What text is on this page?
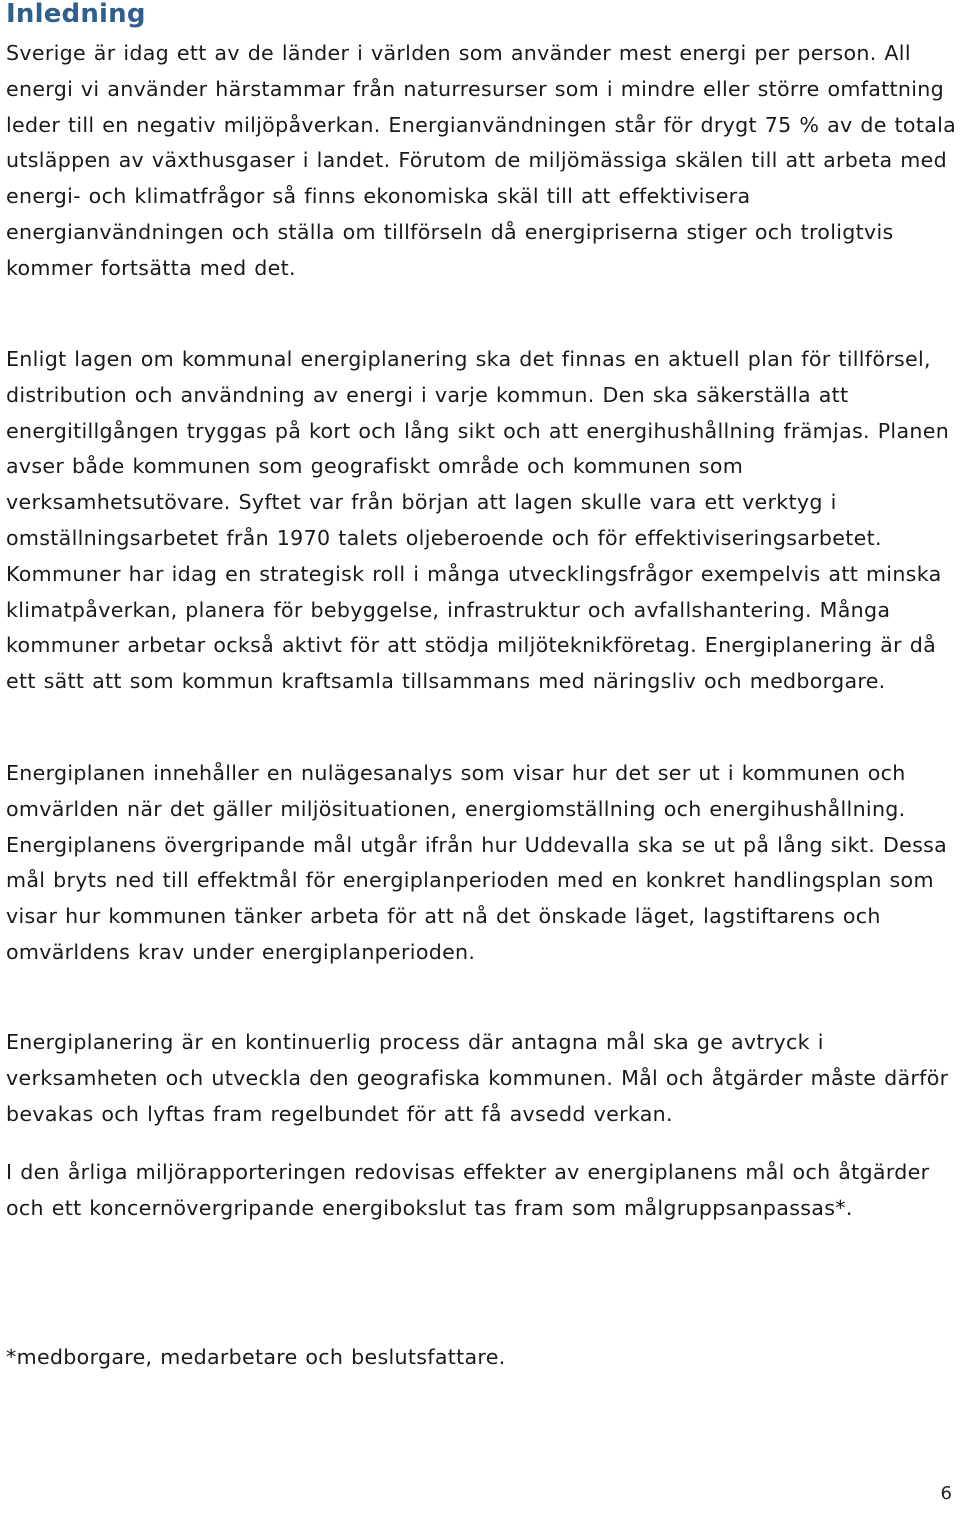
Inledning

Sverige är idag ett av de länder i världen som använder mest energi per person. All energi vi använder härstammar från naturresurser som i mindre eller större omfattning leder till en negativ miljöpåverkan. Energianvändningen står för drygt 75 % av de totala utsläppen av växthusgaser i landet. Förutom de miljömässiga skälen till att arbeta med energi- och klimatfrågor så finns ekonomiska skäl till att effektivisera energianvändningen och ställa om tillförseln då energipriserna stiger och troligtvis kommer fortsätta med det.

Enligt lagen om kommunal energiplanering ska det finnas en aktuell plan för tillförsel, distribution och användning av energi i varje kommun. Den ska säkerställa att energitillgången tryggas på kort och lång sikt och att energihushållning främjas. Planen avser både kommunen som geografiskt område och kommunen som verksamhetsutövare. Syftet var från början att lagen skulle vara ett verktyg i omställningsarbetet från 1970 talets oljeberoende och för effektiviseringsarbetet. Kommuner har idag en strategisk roll i många utvecklingsfrågor exempelvis att minska klimatpåverkan, planera för bebyggelse, infrastruktur och avfallshantering. Många kommuner arbetar också aktivt för att stödja miljöteknikföretag. Energiplanering är då ett sätt att som kommun kraftsamla tillsammans med näringsliv och medborgare.

Energiplanen innehåller en nulägesanalys som visar hur det ser ut i kommunen och omvärlden när det gäller miljösituationen, energiomställning och energihushållning. Energiplanens övergripande mål utgår ifrån hur Uddevalla ska se ut på lång sikt. Dessa mål bryts ned till effektmål för energiplanperioden med en konkret handlingsplan som visar hur kommunen tänker arbeta för att nå det önskade läget, lagstiftarens och omvärldens krav under energiplanperioden.

Energiplanering är en kontinuerlig process där antagna mål ska ge avtryck i verksamheten och utveckla den geografiska kommunen. Mål och åtgärder måste därför bevakas och lyftas fram regelbundet för att få avsedd verkan.

I den årliga miljörapporteringen redovisas effekter av energiplanens mål och åtgärder och ett koncernövergripande energibokslut tas fram som målgruppsanpassas*.

*medborgare, medarbetare och beslutsfattare.

6
